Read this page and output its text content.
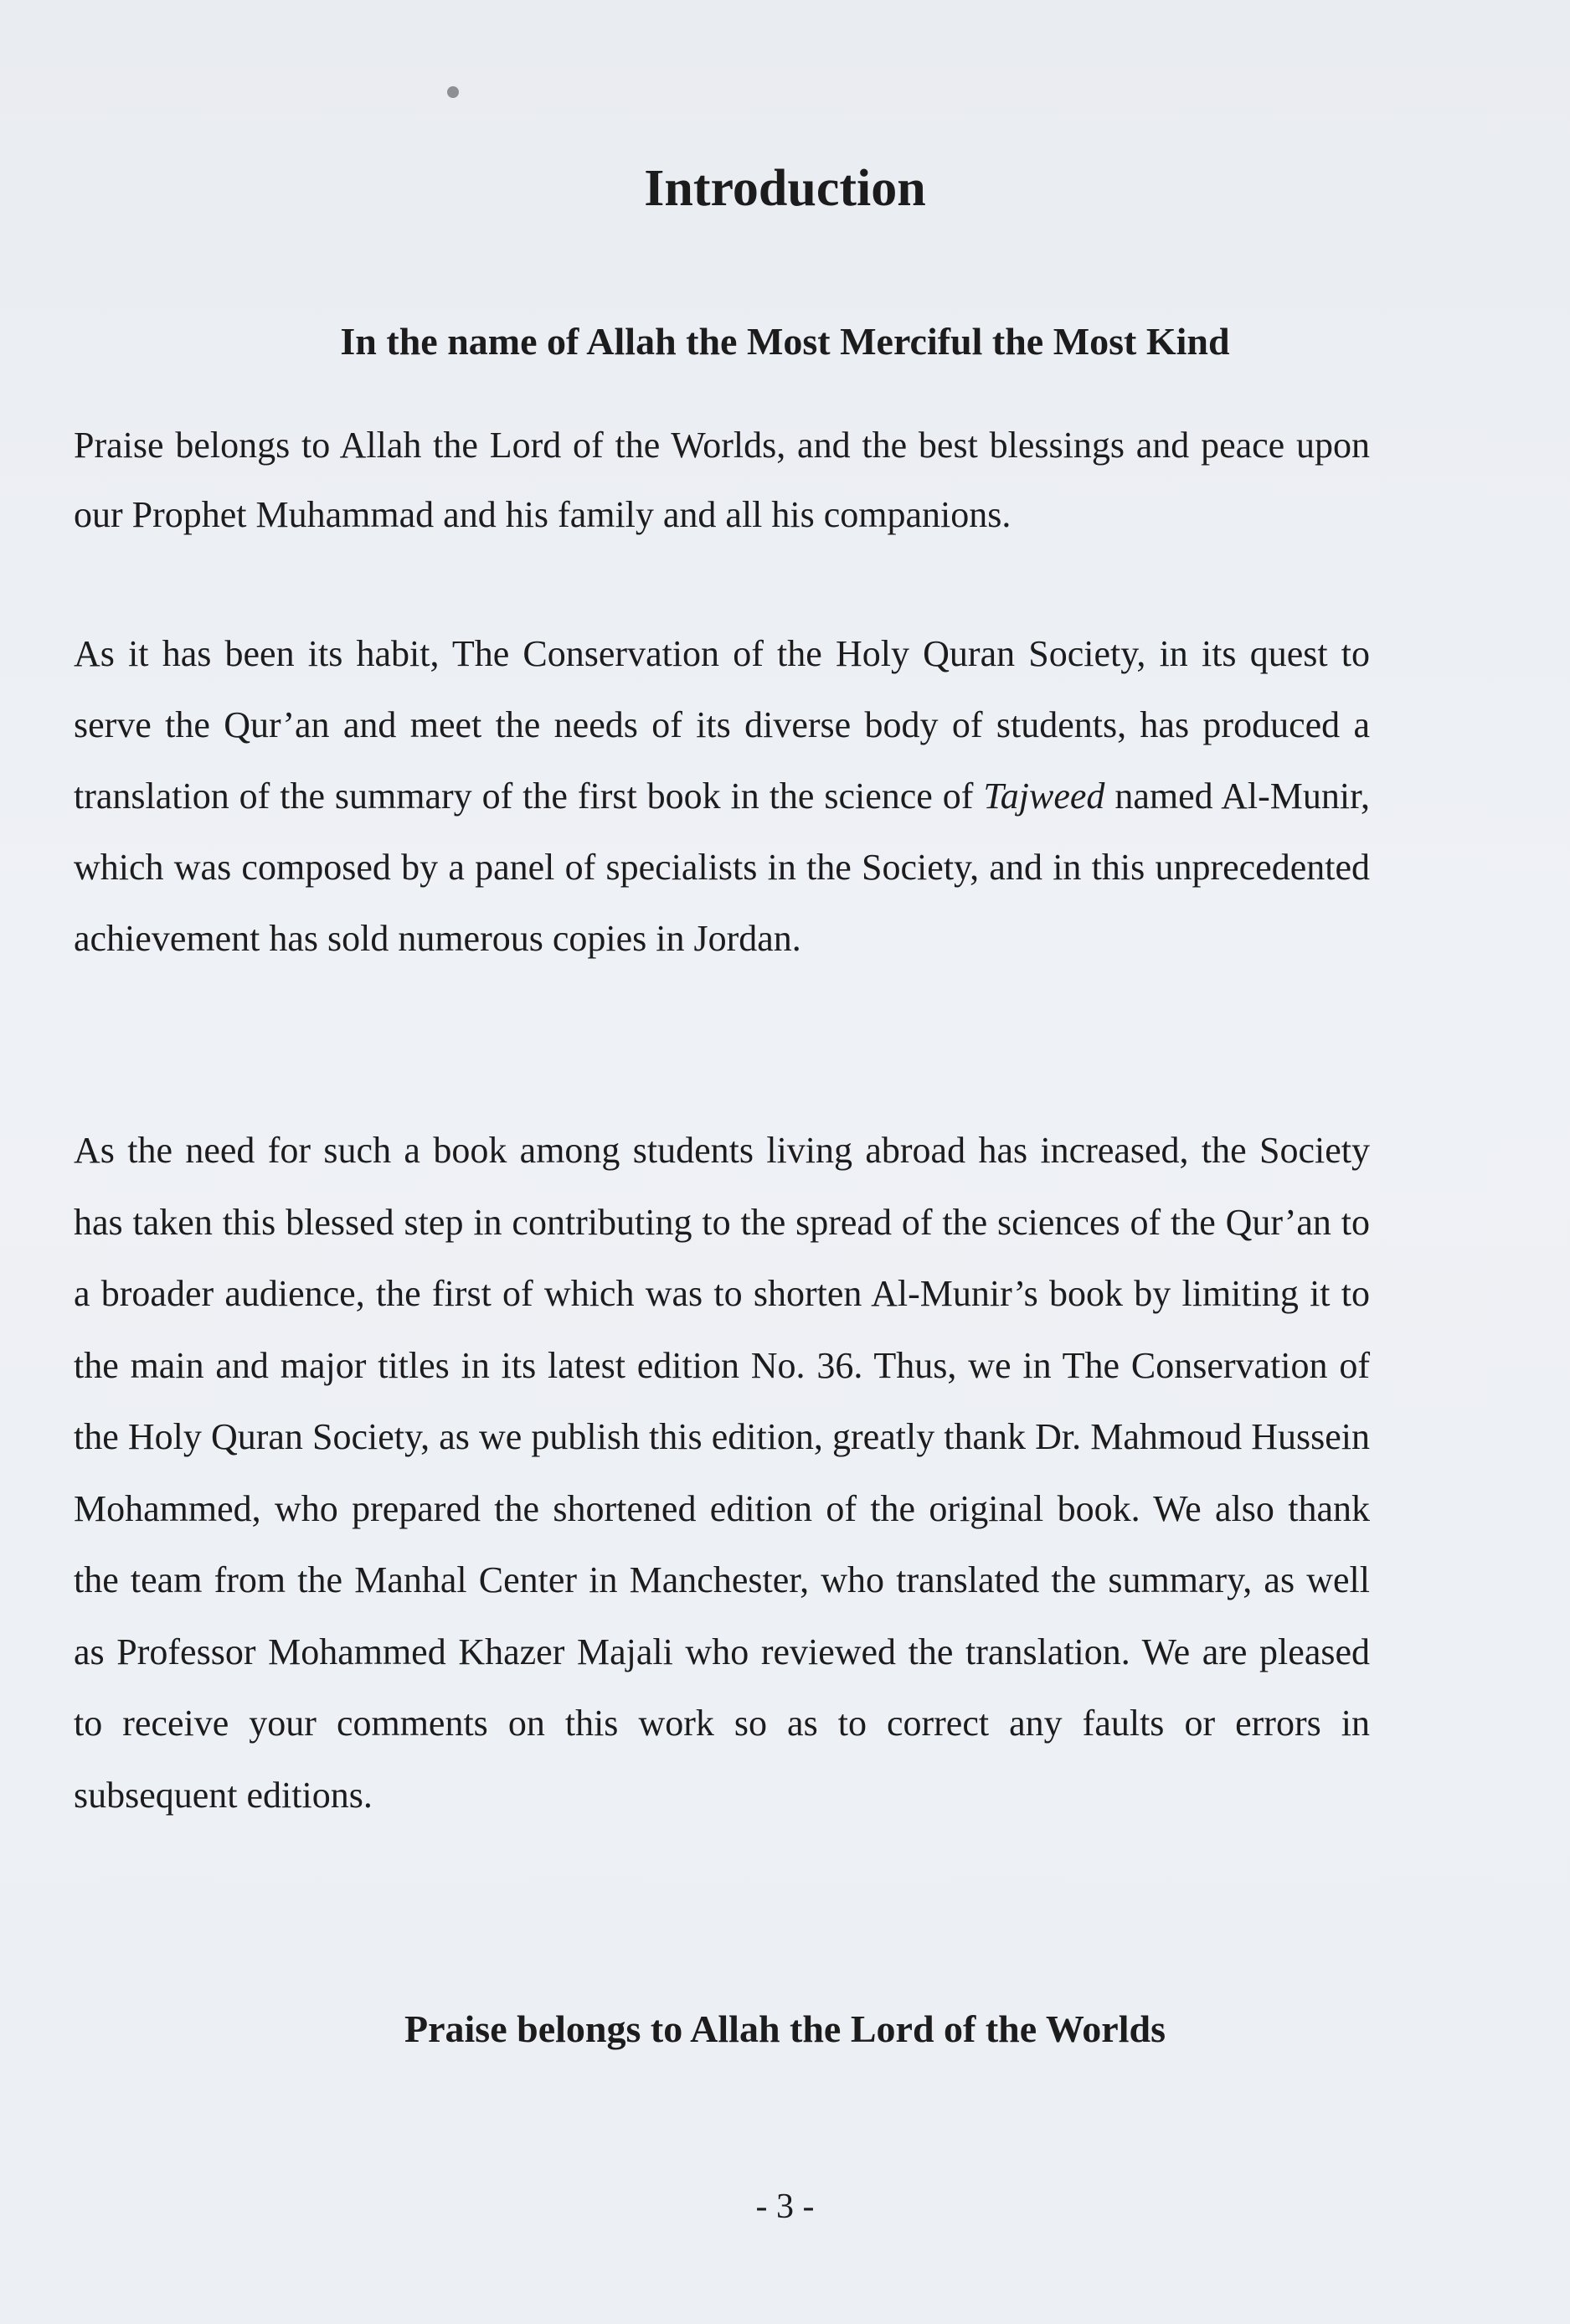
Introduction
In the name of Allah the Most Merciful the Most Kind

Praise belongs to Allah the Lord of the Worlds, and the best blessings and peace upon our Prophet Muhammad and his family and all his companions.

As it has been its habit, The Conservation of the Holy Quran Society, in its quest to serve the Qur’an and meet the needs of its diverse body of students, has produced a translation of the summary of the first book in the science of Tajweed named Al-Munir, which was composed by a panel of specialists in the Society, and in this unprecedented achievement has sold numerous copies in Jordan.

As the need for such a book among students living abroad has increased, the Society has taken this blessed step in contributing to the spread of the sciences of the Qur’an to a broader audience, the first of which was to shorten Al-Munir’s book by limiting it to the main and major titles in its latest edition No. 36. Thus, we in The Conservation of the Holy Quran Society, as we publish this edition, greatly thank Dr. Mahmoud Hussein Mohammed, who prepared the shortened edition of the original book. We also thank the team from the Manhal Center in Manchester, who translated the summary, as well as Professor Mohammed Khazer Majali who reviewed the translation. We are pleased to receive your comments on this work so as to correct any faults or errors in subsequent editions.

Praise belongs to Allah the Lord of the Worlds
- 3 -
